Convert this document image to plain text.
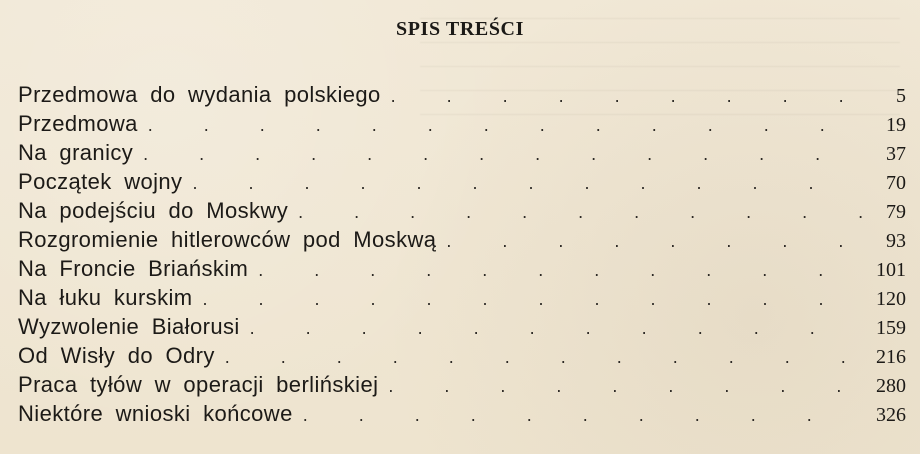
SPIS TREŚCI
Przedmowa do wydania polskiego . . .	5
Przedmowa . . .	19
Na granicy . . .	37
Początek wojny . . .	70
Na podejściu do Moskwy . . .	79
Rozgromienie hitlerowców pod Moskwą . . .	93
Na Froncie Briańskim . . .	101
Na łuku kurskim . . .	120
Wyzwolenie Białorusi . . .	159
Od Wisły do Odry . . .	216
Praca tyłów w operacji berlińskiej . . .	280
Niektóre wnioski końcowe . . .	326
